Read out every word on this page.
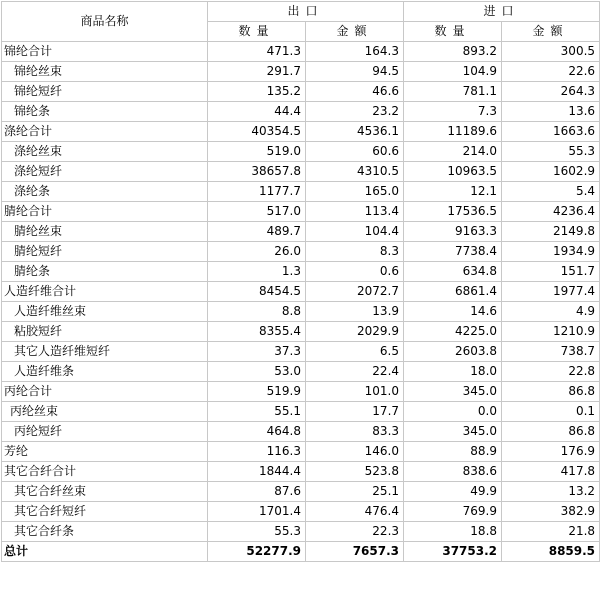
商品名称	出口		进口	
	数量	金额	数量	金额
锦纶合计	471.3	164.3	893.2	300.5
锦纶丝束	291.7	94.5	104.9	22.6
锦纶短纤	135.2	46.6	781.1	264.3
锦纶条	44.4	23.2	7.3	13.6
涤纶合计	40354.5	4536.1	11189.6	1663.6
涤纶丝束	519.0	60.6	214.0	55.3
涤纶短纤	38657.8	4310.5	10963.5	1602.9
涤纶条	1177.7	165.0	12.1	5.4
腈纶合计	517.0	113.4	17536.5	4236.4
腈纶丝束	489.7	104.4	9163.3	2149.8
腈纶短纤	26.0	8.3	7738.4	1934.9
腈纶条	1.3	0.6	634.8	151.7
人造纤维合计	8454.5	2072.7	6861.4	1977.4
人造纤维丝束	8.8	13.9	14.6	4.9
粘胶短纤	8355.4	2029.9	4225.0	1210.9
其它人造纤维短纤	37.3	6.5	2603.8	738.7
人造纤维条	53.0	22.4	18.0	22.8
丙纶合计	519.9	101.0	345.0	86.8
丙纶丝束	55.1	17.7	0.0	0.1
丙纶短纤	464.8	83.3	345.0	86.8
芳纶	116.3	146.0	88.9	176.9
其它合纤合计	1844.4	523.8	838.6	417.8
其它合纤丝束	87.6	25.1	49.9	13.2
其它合纤短纤	1701.4	476.4	769.9	382.9
其它合纤条	55.3	22.3	18.8	21.8
总计	52277.9	7657.3	37753.2	8859.5
